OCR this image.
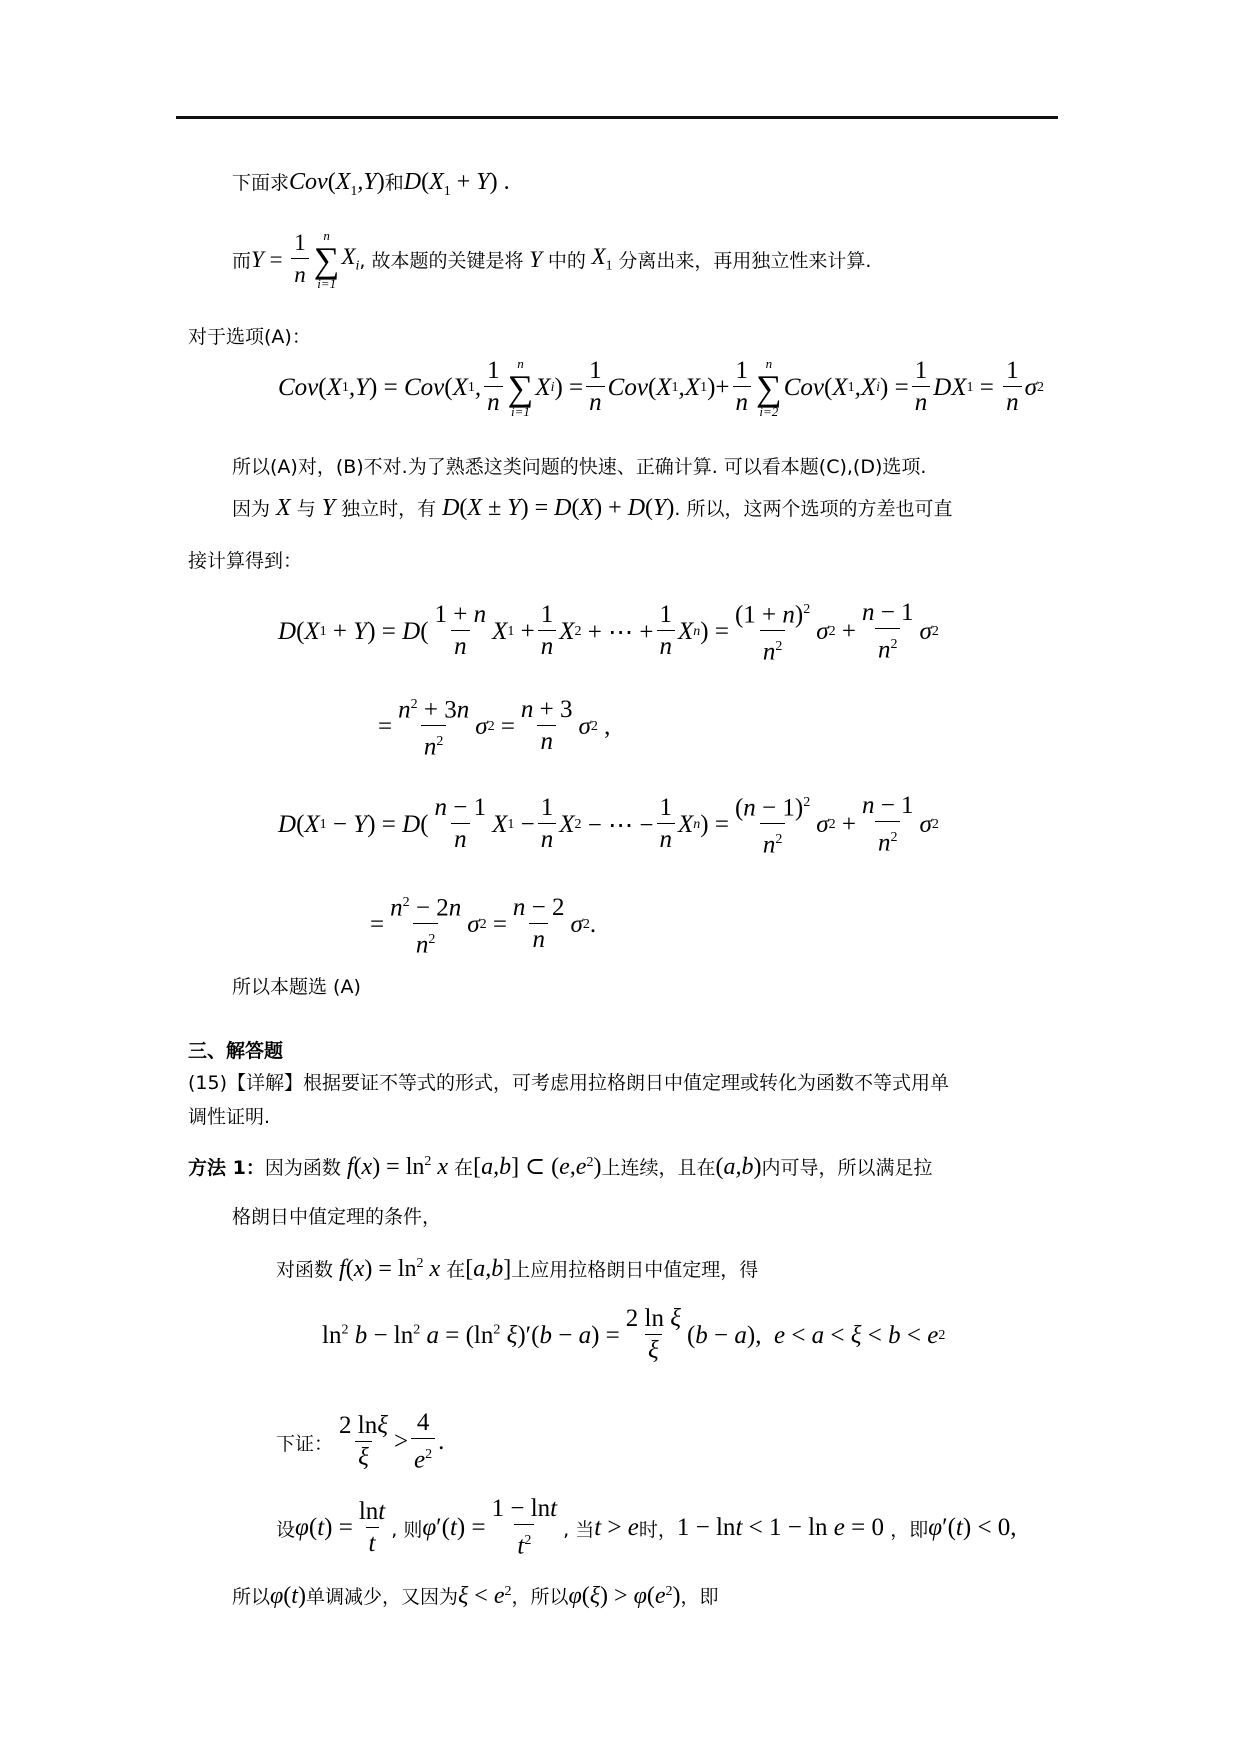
下面求$Cov(X_1,Y)$和$D(X_1 + Y)$ .
而 $Y = \frac{1}{n}$ n
∑
i=1
$X_i$ , 故本题的关键是将 Y 中的 $X_1$ 分离出来，再用独立性来计算.
对于选项(A)：
Cov ( X 1 ,Y ) = Cov ( X 1 , $\frac{1}{n}$ n
∑
i=1
X i ) = $\frac{1}{n}$ Cov ( X 1 ,X 1 )+ $\frac{1}{n}$ n
∑
i=2
Cov ( X 1 ,X i ) = $\frac{1}{n}$ DX $1 = \frac{1}{n}$ σ 2
所以(A)对，(B)不对.为了熟悉这类问题的快速、正确计算. 可以看本题(C),(D)选项.
因为 X 与 Y 独立时，有 D(X ± Y) = D(X) + D(Y). 所以，这两个选项的方差也可直
接计算得到：
D ( X 1 + Y ) = D ( $\frac{1 + n}{n}$ X $1 + \frac{1}{n}$ X 2 + ⋯ + $\frac{1}{n}$ X n ) = $\frac{(1 + n)^2}{n^2}$ σ $2 + \frac{n - 1}{n^2}$ σ 2
= $\frac{n^2 + 3n}{n^2}$ σ $2 = \frac{n + 3}{n}$ σ 2 ,
D ( X 1 − Y ) = D ( $\frac{n - 1}{n}$ X $1 - \frac{1}{n}$ X 2 − ⋯ − $\frac{1}{n}$ X n ) = $\frac{(n - 1)^2}{n^2}$ σ $2 + \frac{n - 1}{n^2}$ σ 2
= $\frac{n^2 - 2n}{n^2}$ σ $2 = \frac{n - 2}{n}$ σ 2 .
所以本题选 (A)
三、解答题
(15)【详解】根据要证不等式的形式，可考虑用拉格朗日中值定理或转化为函数不等式用单
调性证明.
方法 1：因为函数 $f(x) = \ln^2 x$ 在[a,b] ⊂ $(e,e^2)$上连续，且在(a,b)内可导，所以满足拉
格朗日中值定理的条件，
对函数 $f(x) = \ln^2 x$ 在[a,b]上应用拉格朗日中值定理，得
$\ln^2 b - \ln^2 a = (\ln^2$ ξ )′( b − a ) = $\frac{\text{2 ln ξ}}{\xi}$ ( b − a ), e < a < ξ < b < e 2
下证： $\frac{2 \ln\xi}{\xi} > \frac{4}{e^2}$ .
设 φ ( t ) = $\frac{\ln t}{t}$ , 则 φ ′( t ) = $\frac{1 - \ln t}{t^2}$ , 当 t > e 时， 1 − ln t < 1 − ln e = 0 ，即 φ ′( t ) < 0,
所以φ(t)单调减少，又因为$\xi < e^2$，所以$\varphi(\xi) > \varphi(e^2)$，即
